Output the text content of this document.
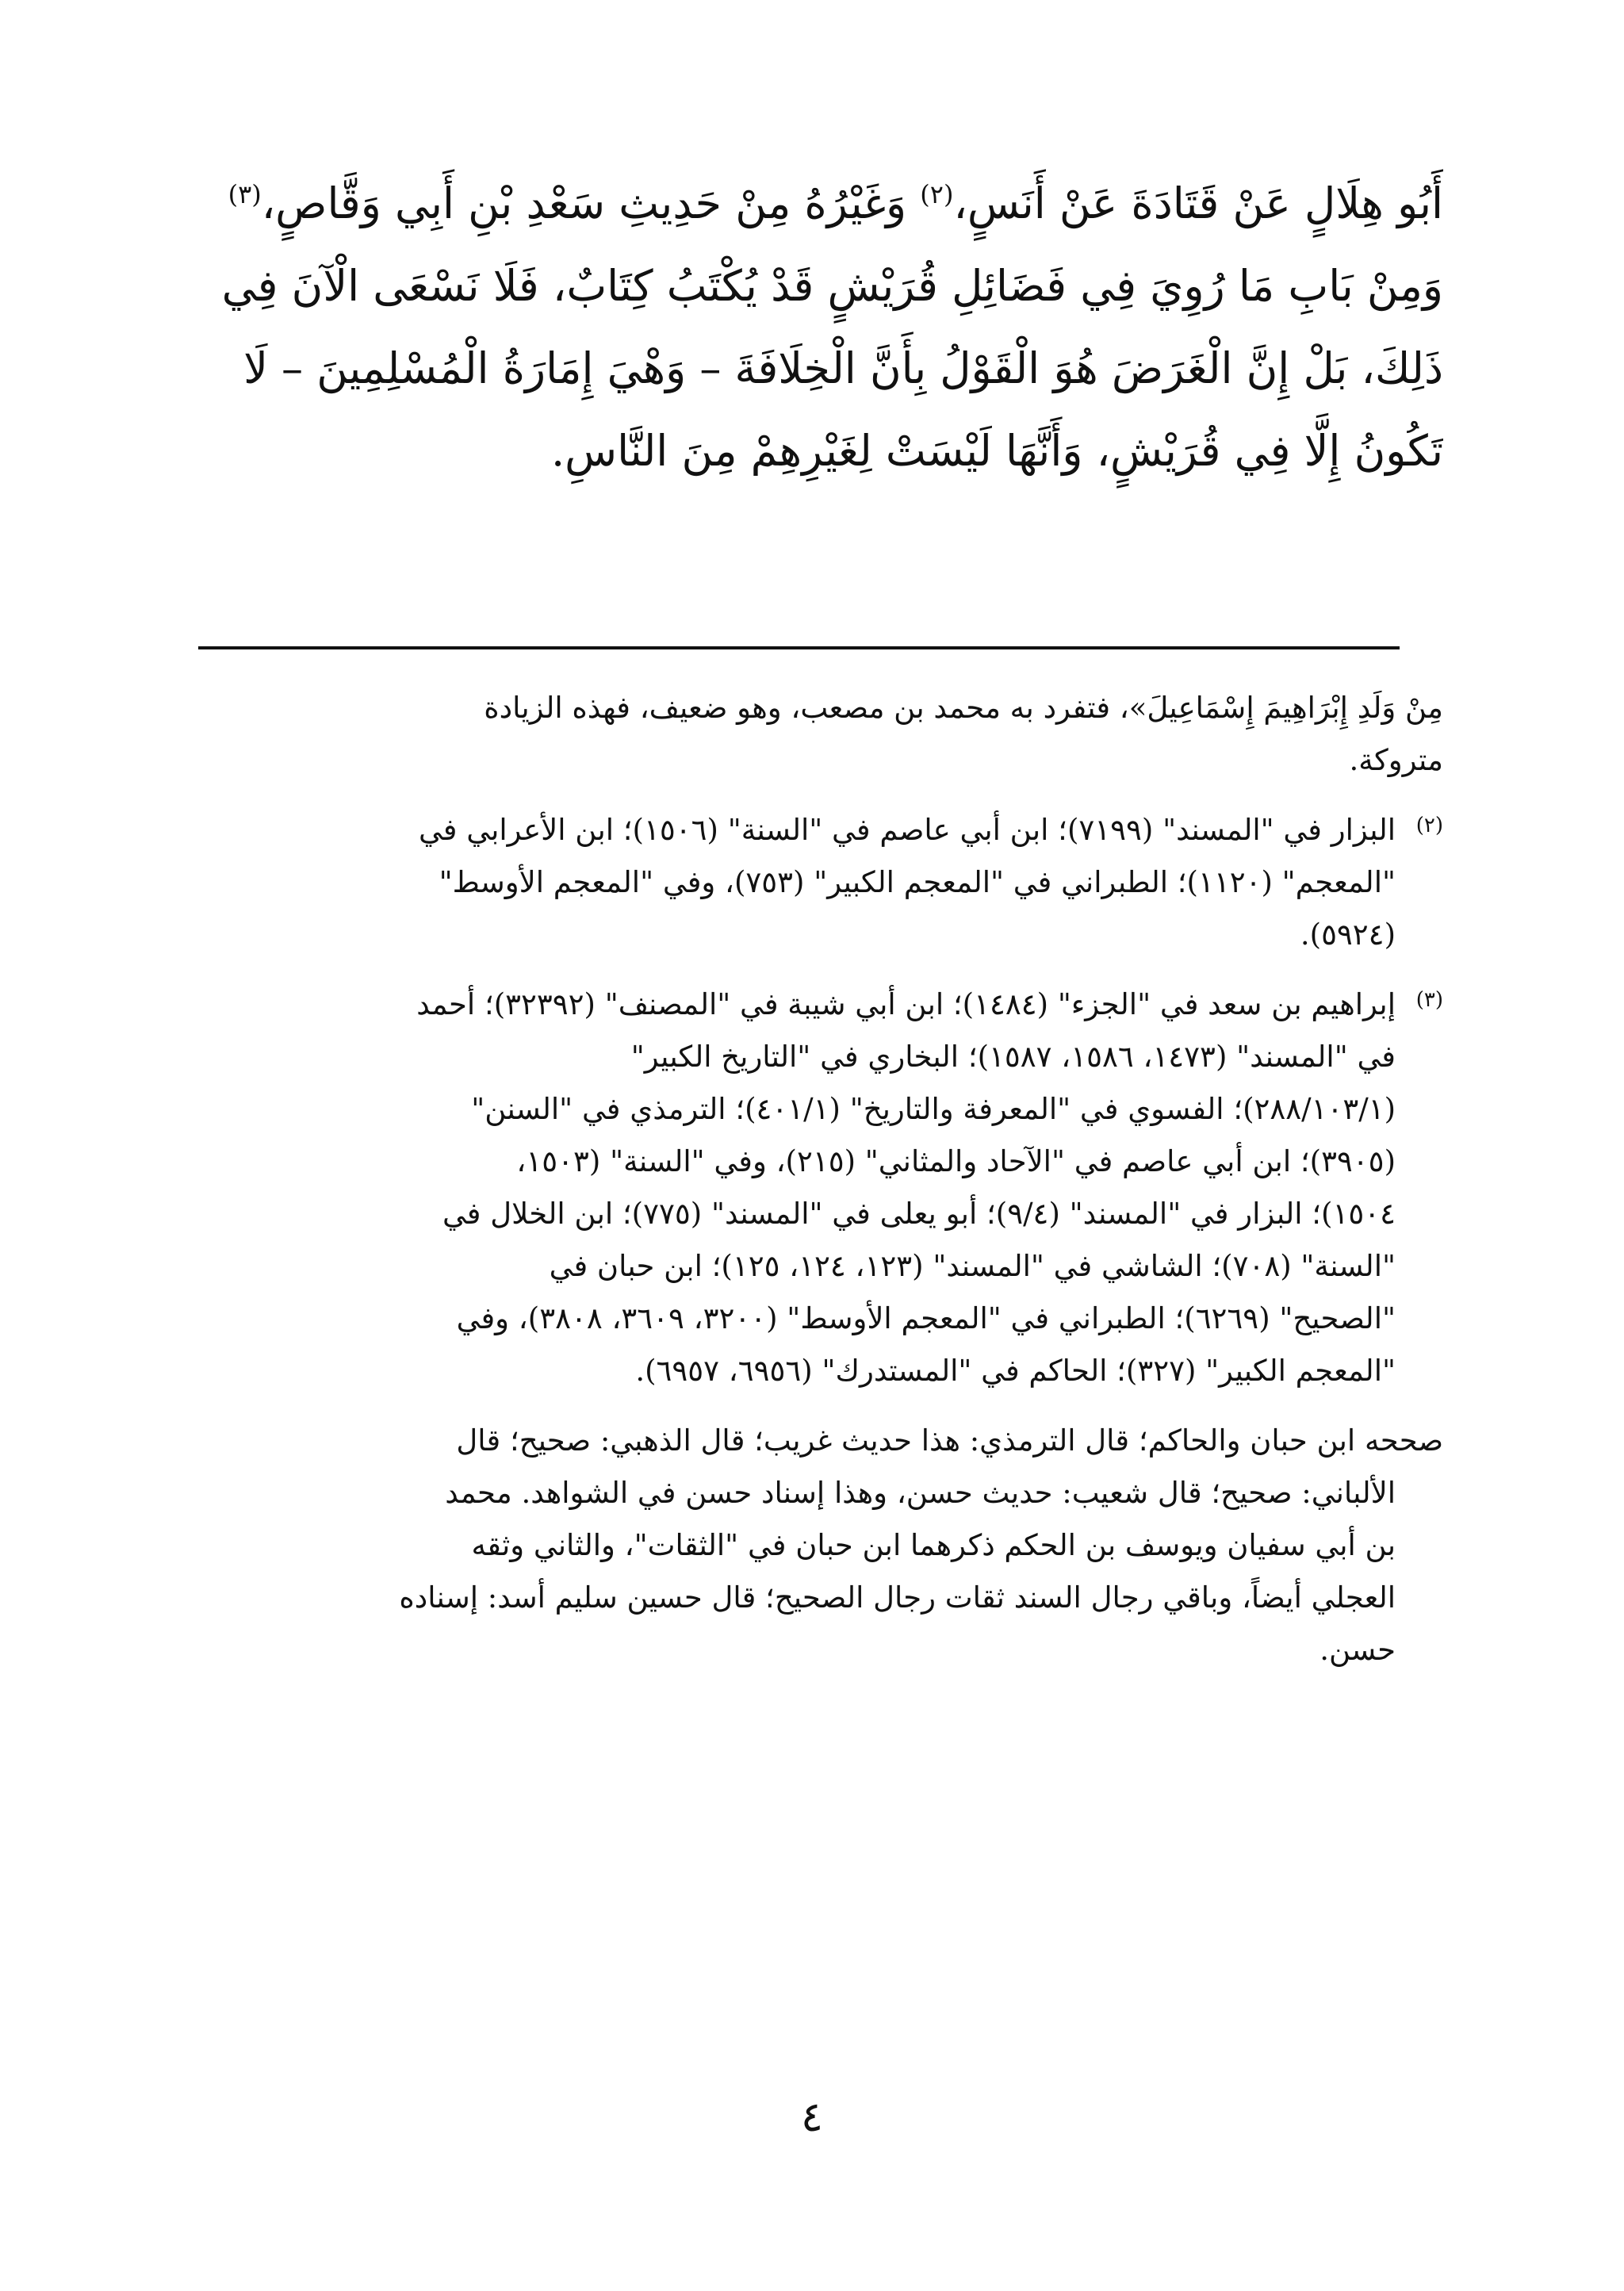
أَبُو هِلَالٍ عَنْ قَتَادَةَ عَنْ أَنَسٍ،$^{(٢)}$ وَغَيْرُهُ مِنْ حَدِيثِ سَعْدِ بْنِ أَبِي وَقَّاصٍ،$^{(٣)}$
وَمِنْ بَابِ مَا رُوِيَ فِي فَضَائِلِ قُرَيْشٍ قَدْ يُكْتَبُ كِتَابٌ، فَلَا نَسْعَى الْآنَ فِي
ذَلِكَ، بَلْ إِنَّ الْغَرَضَ هُوَ الْقَوْلُ بِأَنَّ الْخِلَافَةَ – وَهْيَ إِمَارَةُ الْمُسْلِمِينَ – لَا
تَكُونُ إِلَّا فِي قُرَيْشٍ، وَأَنَّهَا لَيْسَتْ لِغَيْرِهِمْ مِنَ النَّاسِ.
مِنْ وَلَدِ إِبْرَاهِيمَ إِسْمَاعِيلَ»، فتفرد به محمد بن مصعب، وهو ضعيف، فهذه الزيادة
متروكة.
(٢)
البزار في "المسند" (٧١٩٩)؛ ابن أبي عاصم في "السنة" (١٥٠٦)؛ ابن الأعرابي في
"المعجم" (١١٢٠)؛ الطبراني في "المعجم الكبير" (٧٥٣)، وفي "المعجم الأوسط"
(٥٩٢٤).
(٣)
إبراهيم بن سعد في "الجزء" (١٤٨٤)؛ ابن أبي شيبة في "المصنف" (٣٢٣٩٢)؛ أحمد
في "المسند" (١٤٧٣، ١٥٨٦، ١٥٨٧)؛ البخاري في "التاريخ الكبير"
(٢٨٨/١٠٣/١)؛ الفسوي في "المعرفة والتاريخ" (٤٠١/١)؛ الترمذي في "السنن"
(٣٩٠٥)؛ ابن أبي عاصم في "الآحاد والمثاني" (٢١٥)، وفي "السنة" (١٥٠٣،
١٥٠٤)؛ البزار في "المسند" (٩/٤)؛ أبو يعلى في "المسند" (٧٧٥)؛ ابن الخلال في
"السنة" (٧٠٨)؛ الشاشي في "المسند" (١٢٣، ١٢٤، ١٢٥)؛ ابن حبان في
"الصحيح" (٦٢٦٩)؛ الطبراني في "المعجم الأوسط" (٣٢٠٠، ٣٦٠٩، ٣٨٠٨)، وفي
"المعجم الكبير" (٣٢٧)؛ الحاكم في "المستدرك" (٦٩٥٦، ٦٩٥٧).
صححه ابن حبان والحاكم؛ قال الترمذي: هذا حديث غريب؛ قال الذهبي: صحيح؛ قال
الألباني: صحيح؛ قال شعيب: حديث حسن، وهذا إسناد حسن في الشواهد. محمد
بن أبي سفيان ويوسف بن الحكم ذكرهما ابن حبان في "الثقات"، والثاني وثقه
العجلي أيضاً، وباقي رجال السند ثقات رجال الصحيح؛ قال حسين سليم أسد: إسناده
حسن.
٤
